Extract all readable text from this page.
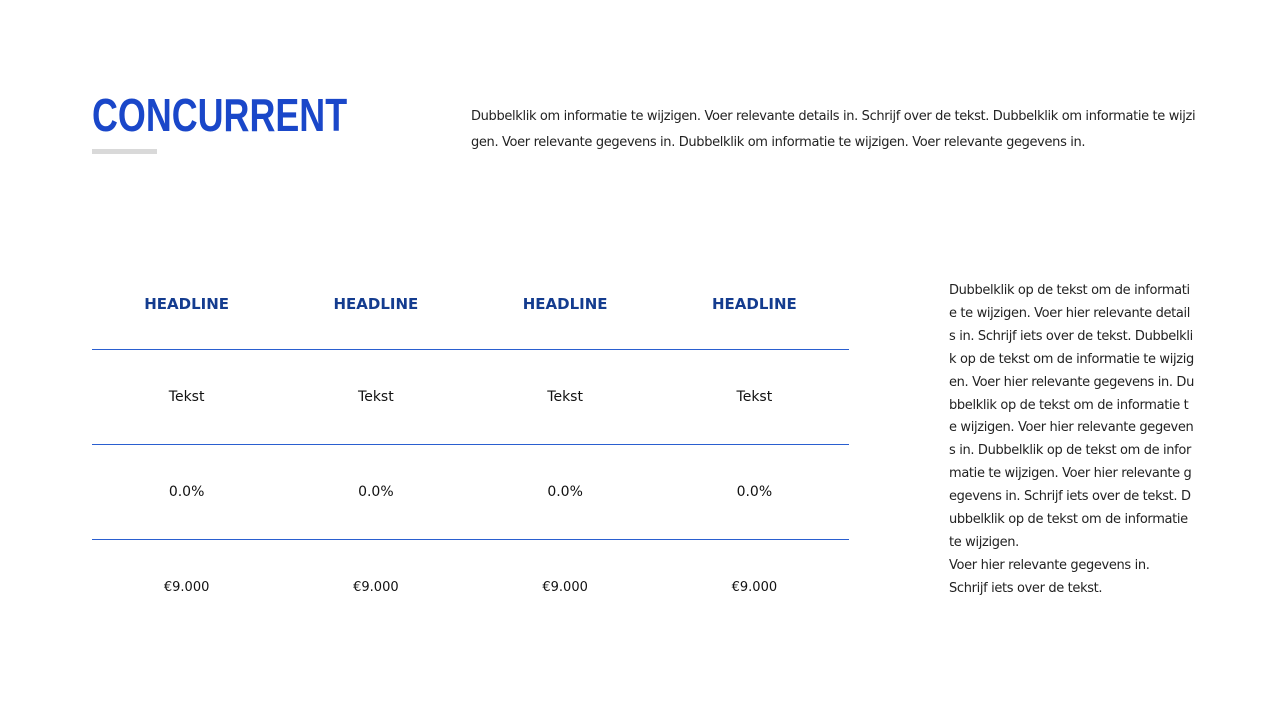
CONCURRENT	Dubbelklik om informatie te wijzigen. Voer relevante details in. Schrijf over de tekst. Dubbelklik om informatie te wijzigen. Voer relevante gegevens in. Dubbelklik om informatie te wijzigen. Voer relevante gegevens in.
HEADLINE	HEADLINE	HEADLINE	HEADLINE
Tekst	Tekst	Tekst	Tekst
0.0%	0.0%	0.0%	0.0%
€9.000	€9.000	€9.000	€9.000
Dubbelklik op de tekst om de informatie te wijzigen. Voer hier relevante details in. Schrijf iets over de tekst. Dubbelklik op de tekst om de informatie te wijzigen. Voer hier relevante gegevens in. Dubbelklik op de tekst om de informatie te wijzigen. Voer hier relevante gegevens in. Dubbelklik op de tekst om de informatie te wijzigen. Voer hier relevante gegevens in. Schrijf iets over de tekst. Dubbelklik op de tekst om de informatie te wijzigen.
Voer hier relevante gegevens in.
Schrijf iets over de tekst.
